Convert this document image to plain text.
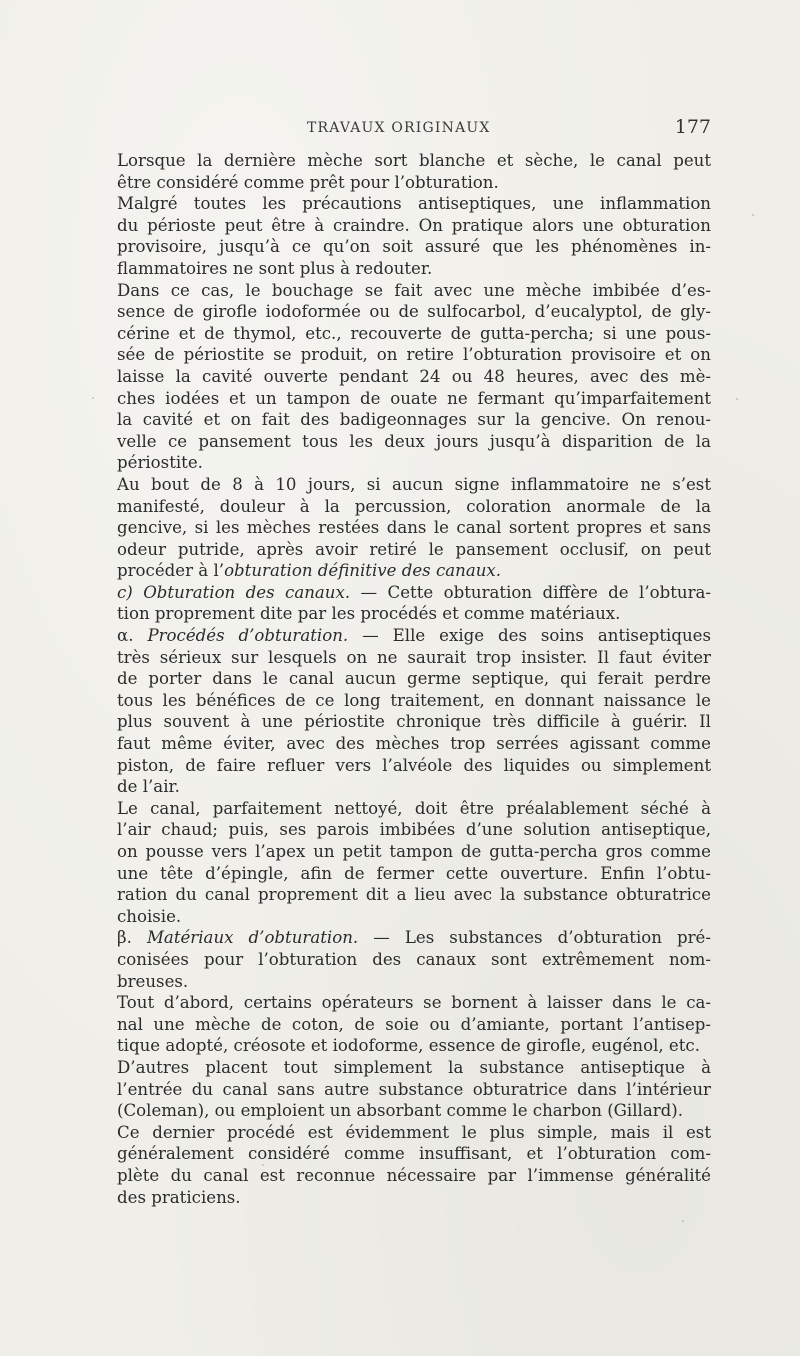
TRAVAUX ORIGINAUX	177

Lorsque la dernière mèche sort blanche et sèche, le canal peut
être considéré comme prêt pour l’obturation.

Malgré toutes les précautions antiseptiques, une inflammation
du périoste peut être à craindre. On pratique alors une obturation
provisoire, jusqu’à ce qu’on soit assuré que les phénomènes in-
flammatoires ne sont plus à redouter.

Dans ce cas, le bouchage se fait avec une mèche imbibée d’es-
sence de girofle iodoformée ou de sulfocarbol, d’eucalyptol, de gly-
cérine et de thymol, etc., recouverte de gutta-percha; si une pous-
sée de périostite se produit, on retire l’obturation provisoire et on
laisse la cavité ouverte pendant 24 ou 48 heures, avec des mè-
ches iodées et un tampon de ouate ne fermant qu’imparfaitement
la cavité et on fait des badigeonnages sur la gencive. On renou-
velle ce pansement tous les deux jours jusqu’à disparition de la
périostite.

Au bout de 8 à 10 jours, si aucun signe inflammatoire ne s’est
manifesté, douleur à la percussion, coloration anormale de la
gencive, si les mèches restées dans le canal sortent propres et sans
odeur putride, après avoir retiré le pansement occlusif, on peut
procéder à l’obturation définitive des canaux.

c) Obturation des canaux. — Cette obturation diffère de l’obtura-
tion proprement dite par les procédés et comme matériaux.

α. Procédés d’obturation. — Elle exige des soins antiseptiques
très sérieux sur lesquels on ne saurait trop insister. Il faut éviter
de porter dans le canal aucun germe septique, qui ferait perdre
tous les bénéfices de ce long traitement, en donnant naissance le
plus souvent à une périostite chronique très difficile à guérir. Il
faut même éviter, avec des mèches trop serrées agissant comme
piston, de faire refluer vers l’alvéole des liquides ou simplement
de l’air.

Le canal, parfaitement nettoyé, doit être préalablement séché à
l’air chaud; puis, ses parois imbibées d’une solution antiseptique,
on pousse vers l’apex un petit tampon de gutta-percha gros comme
une tête d’épingle, afin de fermer cette ouverture. Enfin l’obtu-
ration du canal proprement dit a lieu avec la substance obturatrice
choisie.

β. Matériaux d’obturation. — Les substances d’obturation pré-
conisées pour l’obturation des canaux sont extrêmement nom-
breuses.

Tout d’abord, certains opérateurs se bornent à laisser dans le ca-
nal une mèche de coton, de soie ou d’amiante, portant l’antisep-
tique adopté, créosote et iodoforme, essence de girofle, eugénol, etc.

D’autres placent tout simplement la substance antiseptique à
l’entrée du canal sans autre substance obturatrice dans l’intérieur
(Coleman), ou emploient un absorbant comme le charbon (Gillard).

Ce dernier procédé est évidemment le plus simple, mais il est
généralement considéré comme insuffisant, et l’obturation com-
plète du canal est reconnue nécessaire par l’immense généralité
des praticiens.
